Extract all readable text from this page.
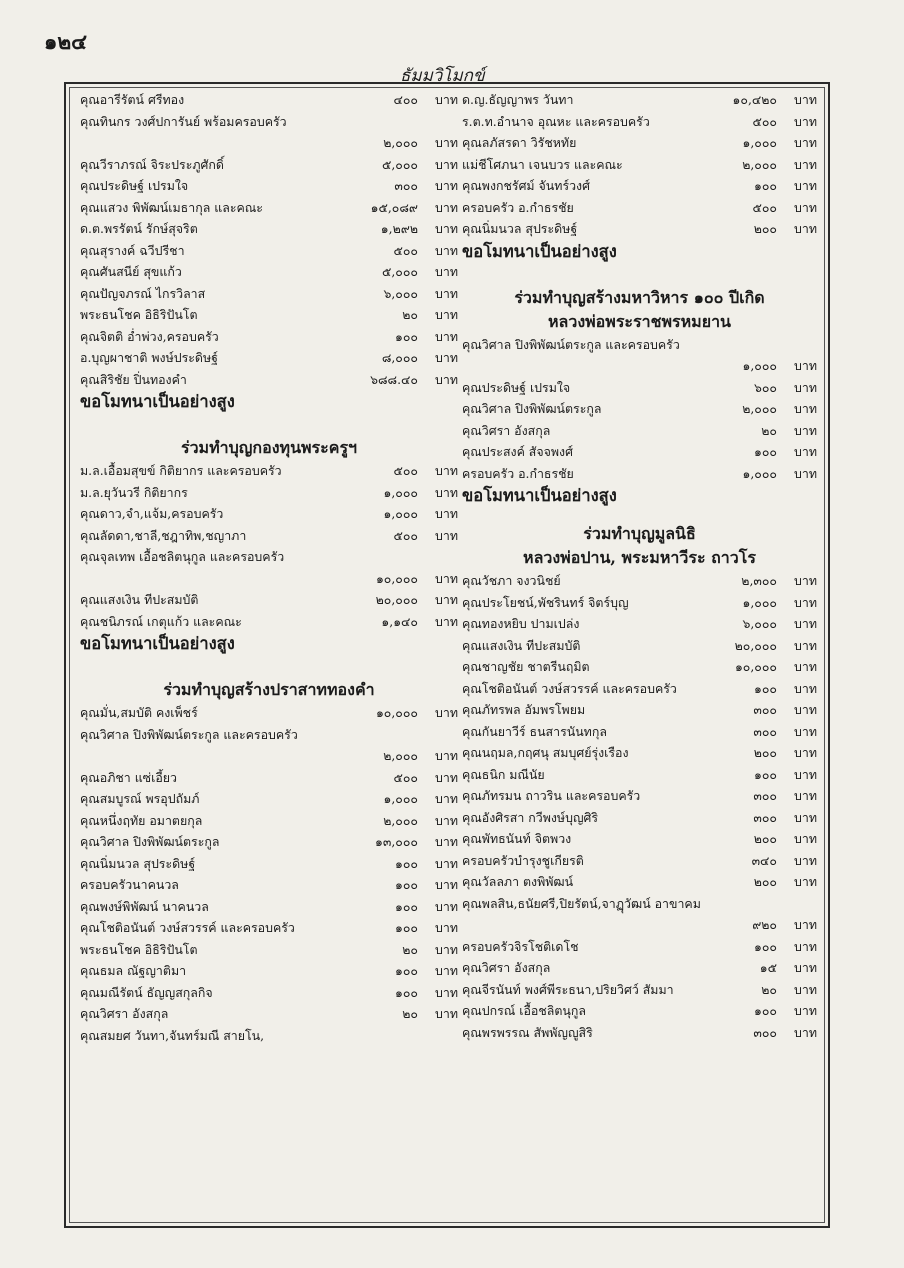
๑๒๔
ธัมมวิโมกข์
คุณอารีรัตน์ ศรีทอง	๔๐๐	บาท
คุณทินกร วงศ์ปการันย์ พร้อมครอบครัว
๒,๐๐๐	บาท
คุณวีราภรณ์ จิระประภูศักดิ์	๕,๐๐๐	บาท
คุณประดิษฐ์ เปรมใจ	๓๐๐	บาท
คุณแสวง พิพัฒน์เมธากุล และคณะ	๑๕,๐๘๙	บาท
ด.ต.พรรัตน์ รักษ์สุจริต	๑,๒๙๒	บาท
คุณสุรางค์ ฉวีปรีชา	๕๐๐	บาท
คุณศันสนีย์ สุขแก้ว	๕,๐๐๐	บาท
คุณปัญจภรณ์ ไกรวิลาส	๖,๐๐๐	บาท
พระธนโชค อิธิริปันโต	๒๐	บาท
คุณจิตติ อ่ำพ่วง,ครอบครัว	๑๐๐	บาท
อ.บุญผาชาติ พงษ์ประดิษฐ์	๘,๐๐๐	บาท
คุณสิริชัย ปิ่นทองคำ	๖๘๘.๔๐	บาท
ขอโมทนาเป็นอย่างสูง
ร่วมทำบุญกองทุนพระครูฯ
ม.ล.เอื้อมสุขข์ กิติยากร และครอบครัว	๕๐๐	บาท
ม.ล.ยุวันวรี กิติยากร	๑,๐๐๐	บาท
คุณดาว,จำ,แจ้ม,ครอบครัว	๑,๐๐๐	บาท
คุณลัดดา,ชาลี,ชฎาทิพ,ชญาภา	๕๐๐	บาท
คุณจุลเทพ เอื้อชลิตนุกูล และครอบครัว
๑๐,๐๐๐	บาท
คุณแสงเงิน ทีปะสมบัติ	๒๐,๐๐๐	บาท
คุณชนิภรณ์ เกตุแก้ว และคณะ	๑,๑๔๐	บาท
ขอโมทนาเป็นอย่างสูง
ร่วมทำบุญสร้างปราสาททองคำ
คุณมั่น,สมบัติ คงเพ็ชร์	๑๐,๐๐๐	บาท
คุณวิศาล ปิงพิพัฒน์ตระกูล และครอบครัว
๒,๐๐๐	บาท
คุณอภิชา แซ่เอี้ยว	๕๐๐	บาท
คุณสมบูรณ์ พรอุปถัมภ์	๑,๐๐๐	บาท
คุณหนึ่งฤทัย อมาตยกุล	๒,๐๐๐	บาท
คุณวิศาล ปิงพิพัฒน์ตระกูล	๑๓,๐๐๐	บาท
คุณนิ่มนวล สุประดิษฐ์	๑๐๐	บาท
ครอบครัวนาคนวล	๑๐๐	บาท
คุณพงษ์พิพัฒน์ นาคนวล	๑๐๐	บาท
คุณโชติอนันต์ วงษ์สวรรค์ และครอบครัว	๑๐๐	บาท
พระธนโชค อิธิริปันโต	๒๐	บาท
คุณธมล ณัฐญาติมา	๑๐๐	บาท
คุณมณีรัตน์ ธัญญสกุลกิจ	๑๐๐	บาท
คุณวิศรา อังสกุล	๒๐	บาท
คุณสมยศ วันทา,จันทร์มณี สายโน,
ด.ญ.ธัญญาพร วันทา	๑๐,๔๒๐	บาท
ร.ต.ท.อำนาจ อุณหะ และครอบครัว	๕๐๐	บาท
คุณลภัสรดา วิรัชหทัย	๑,๐๐๐	บาท
แม่ชีโศภนา เจนบวร และคณะ	๒,๐๐๐	บาท
คุณพงกชรัศม์ จันทร์วงศ์	๑๐๐	บาท
ครอบครัว อ.กำธรชัย	๕๐๐	บาท
คุณนิ่มนวล สุประดิษฐ์	๒๐๐	บาท
ขอโมทนาเป็นอย่างสูง
ร่วมทำบุญสร้างมหาวิหาร ๑๐๐ ปีเกิด
หลวงพ่อพระราชพรหมยาน
คุณวิศาล ปิงพิพัฒน์ตระกูล และครอบครัว
๑,๐๐๐	บาท
คุณประดิษฐ์ เปรมใจ	๖๐๐	บาท
คุณวิศาล ปิงพิพัฒน์ตระกูล	๒,๐๐๐	บาท
คุณวิศรา อังสกุล	๒๐	บาท
คุณประสงค์ สัจจพงศ์	๑๐๐	บาท
ครอบครัว อ.กำธรชัย	๑,๐๐๐	บาท
ขอโมทนาเป็นอย่างสูง
ร่วมทำบุญมูลนิธิ
หลวงพ่อปาน, พระมหาวีระ ถาวโร
คุณวัชภา จงวนิชย์	๒,๓๐๐	บาท
คุณประโยชน์,พัชรินทร์ จิตร์บุญ	๑,๐๐๐	บาท
คุณทองหยิบ ปามเปล่ง	๖,๐๐๐	บาท
คุณแสงเงิน ทีปะสมบัติ	๒๐,๐๐๐	บาท
คุณชาญชัย ชาตรีนฤมิต	๑๐,๐๐๐	บาท
คุณโชติอนันต์ วงษ์สวรรค์ และครอบครัว	๑๐๐	บาท
คุณภัทรพล อัมพรโพยม	๓๐๐	บาท
คุณกันยาวีร์ ธนสารนันทกุล	๓๐๐	บาท
คุณนฤมล,กฤศนุ สมบุศย์รุ่งเรือง	๒๐๐	บาท
คุณธนิก มณีนัย	๑๐๐	บาท
คุณภัทรมน ถาวริน และครอบครัว	๓๐๐	บาท
คุณอังศิรสา กวีพงษ์บุญศิริ	๓๐๐	บาท
คุณพัทธนันท์ จิตพวง	๒๐๐	บาท
ครอบครัวบำรุงชูเกียรติ	๓๔๐	บาท
คุณวัลลภา ตงพิพัฒน์	๒๐๐	บาท
คุณพลสิน,ธนัยศรี,ปิยรัตน์,จาฏุวัฒน์ อาขาคม
๙๒๐	บาท
ครอบครัวจิรโชติเดโช	๑๐๐	บาท
คุณวิศรา อังสกุล	๑๕	บาท
คุณจีรนันท์ พงศ์พีระธนา,ปริยวิศว์ สัมมา	๒๐	บาท
คุณปกรณ์ เอื้อชลิตนุกูล	๑๐๐	บาท
คุณพรพรรณ สัพพัญญูสิริ	๓๐๐	บาท
